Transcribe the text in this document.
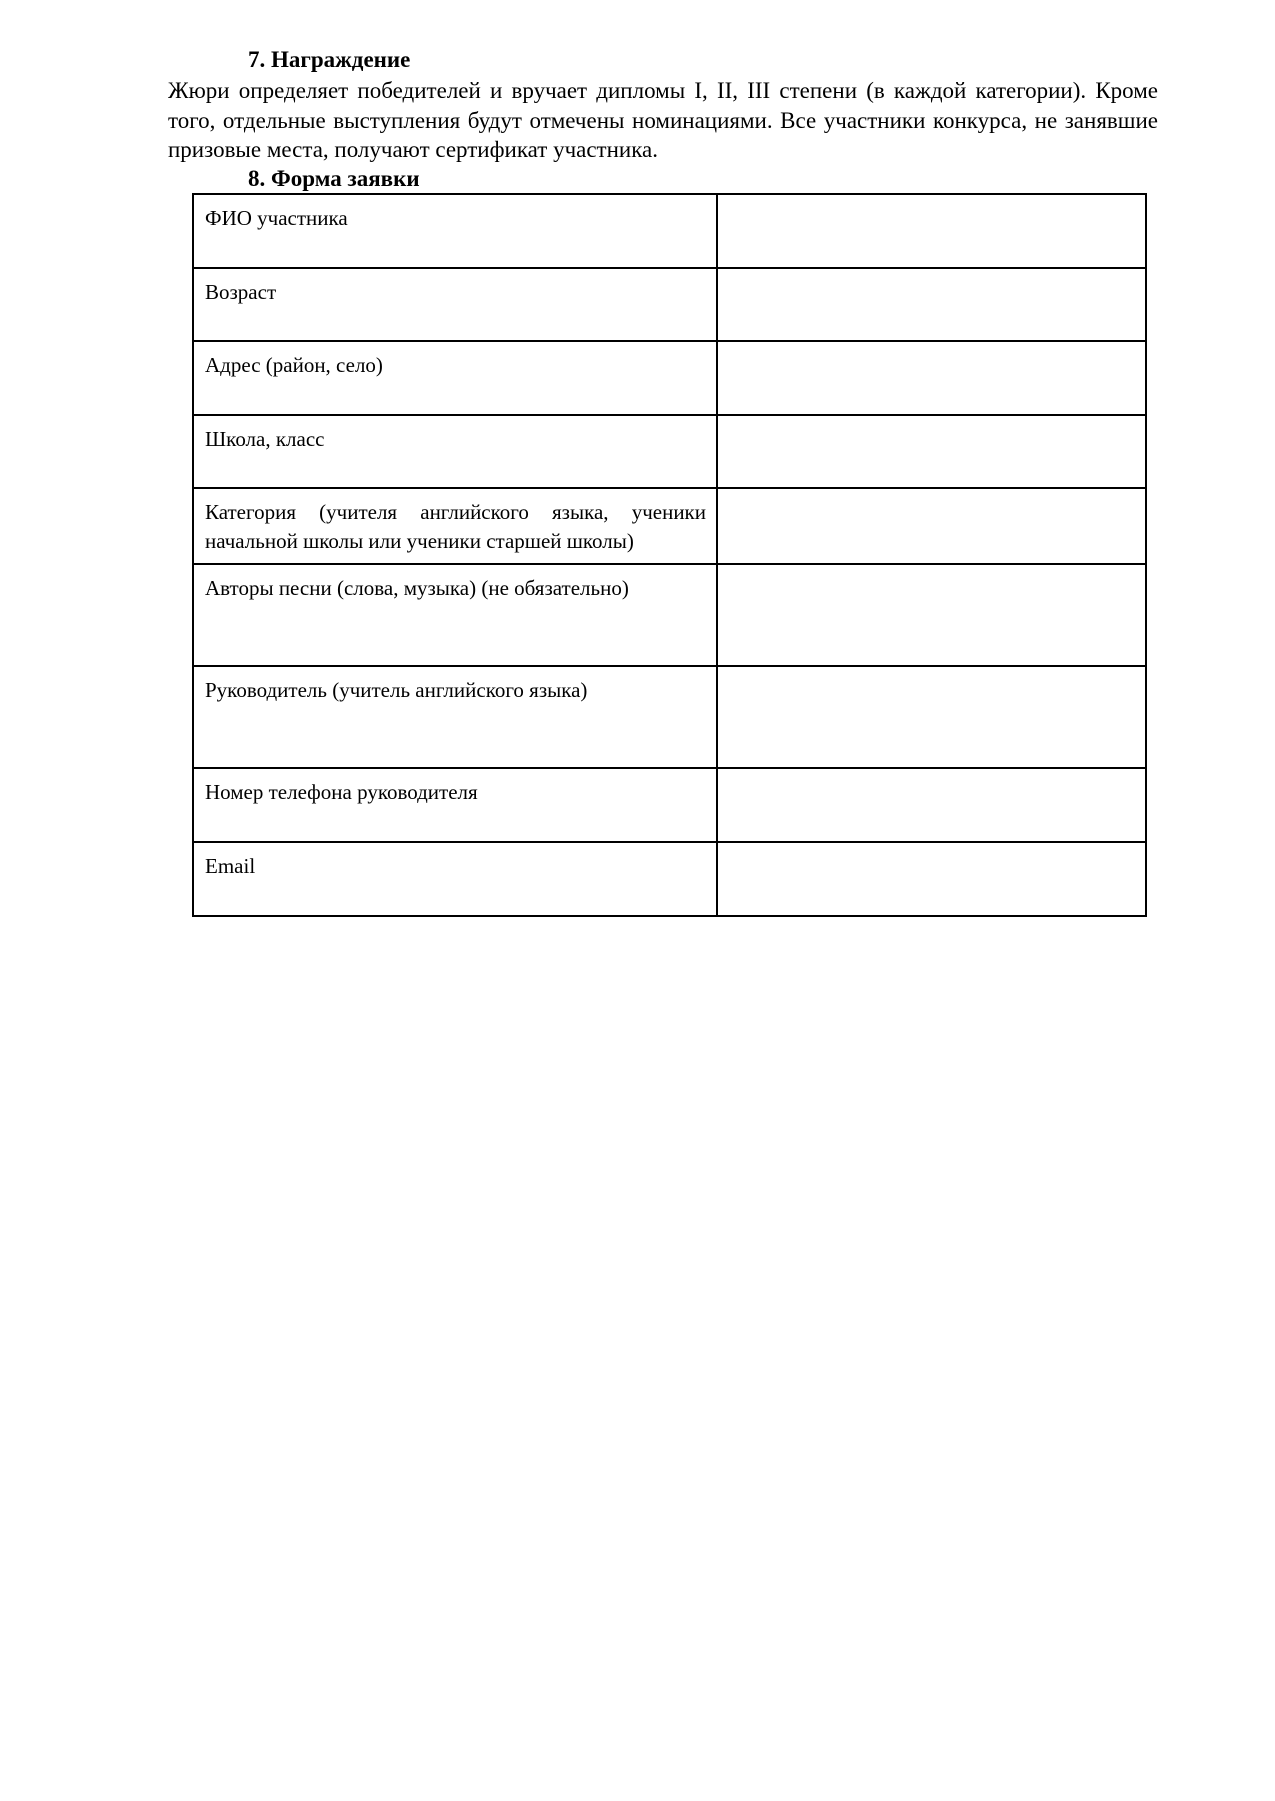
7. Награждение
Жюри определяет победителей и вручает дипломы I, II, III степени (в каждой категории). Кроме того, отдельные выступления будут отмечены номинациями. Все участники конкурса, не занявшие призовые места, получают сертификат участника.
8. Форма заявки
ФИО участника	

Возраст	

Адрес (район, село)	

Школа, класс	

Категория (учителя английского языка, ученики начальной школы или ученики старшей школы)	

Авторы песни (слова, музыка) (не обязательно)	

Руководитель (учитель английского языка)	

Номер телефона руководителя	

Email	
